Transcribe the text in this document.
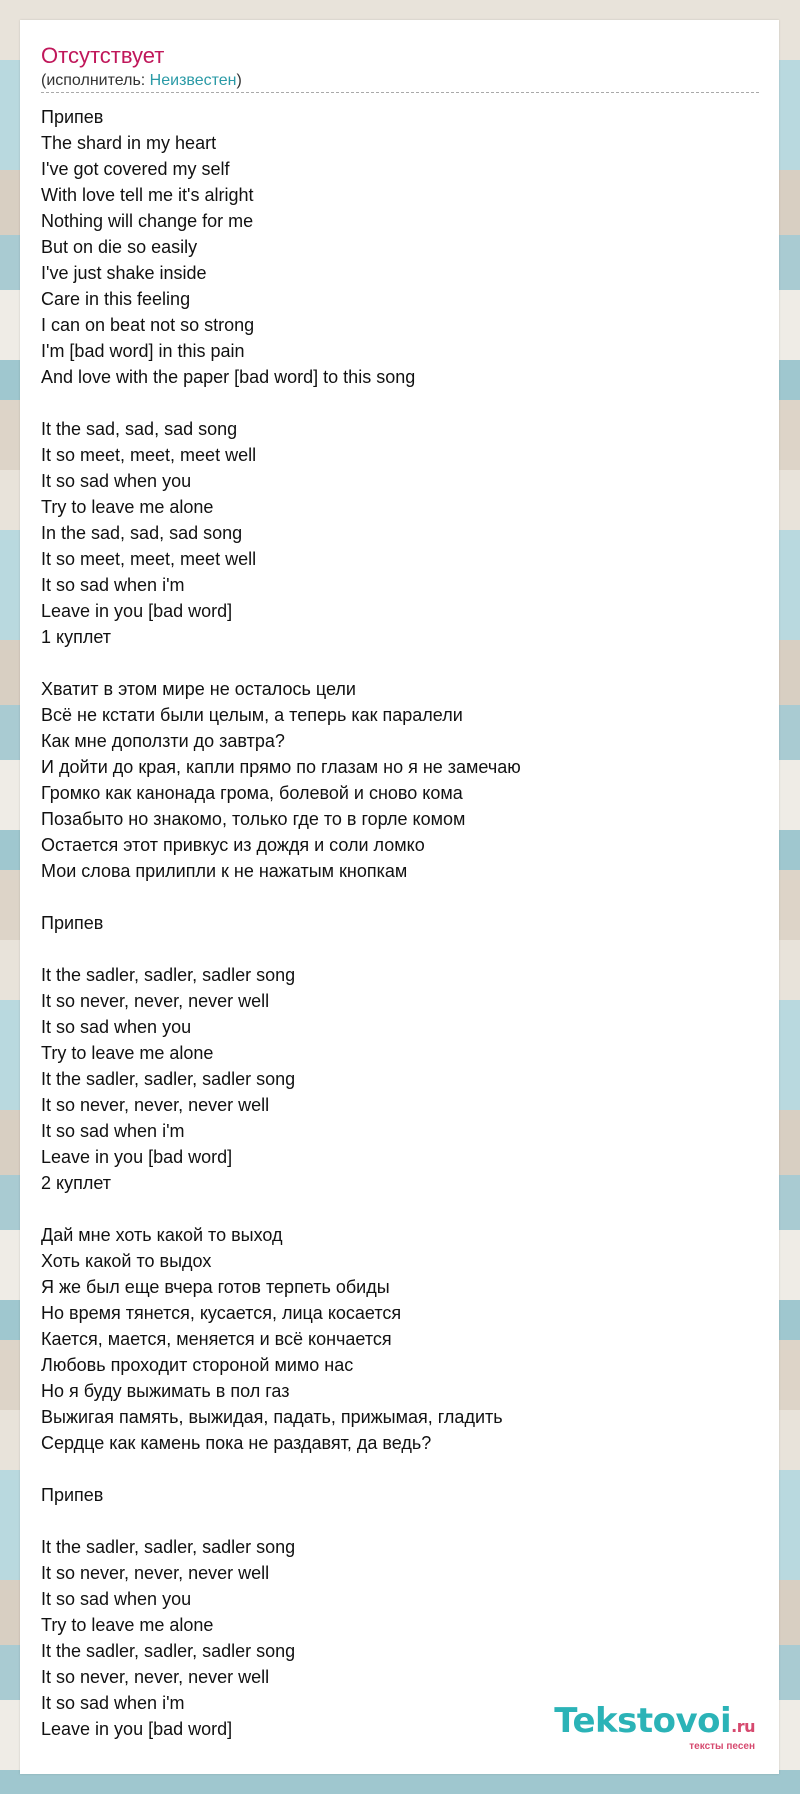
Отсутствует
(исполнитель: Неизвестен)
Припев
The shard in my heart
I've got covered my self
With love tell me it's alright
Nothing will change for me
But on die so easily
I've just shake inside
Care in this feeling
I can on beat not so strong
I'm [bad word] in this pain
And love with the paper [bad word] to this song
It the sad, sad, sad song
It so meet, meet, meet well
It so sad when you
Try to leave me alone
In the sad, sad, sad song
It so meet, meet, meet well
It so sad when i'm
Leave in you [bad word]
1 куплет
Хватит в этом мире не осталось цели
Всё не кстати были целым, а теперь как паралели
Как мне доползти до завтра?
И дойти до края, капли прямо по глазам но я не замечаю
Громко как канонада грома, болевой и сново кома
Позабыто но знакомо, только где то в горле комом
Остается этот привкус из дождя и соли ломко
Мои слова прилипли к не нажатым кнопкам
Припев
It the sadler, sadler, sadler song
It so never, never, never well
It so sad when you
Try to leave me alone
It the sadler, sadler, sadler song
It so never, never, never well
It so sad when i'm
Leave in you [bad word]
2 куплет
Дай мне хоть какой то выход
Хоть какой то выдох
Я же был еще вчера готов терпеть обиды
Но время тянется, кусается, лица косается
Кается, мается, меняется и всё кончается
Любовь проходит стороной мимо нас
Но я буду выжимать в пол газ
Выжигая память, выжидая, падать, прижымая, гладить
Сердце как камень пока не раздавят, да ведь?
Припев
It the sadler, sadler, sadler song
It so never, never, never well
It so sad when you
Try to leave me alone
It the sadler, sadler, sadler song
It so never, never, never well
It so sad when i'm
Leave in you [bad word]	Tekstovoi.ru
тексты песен
